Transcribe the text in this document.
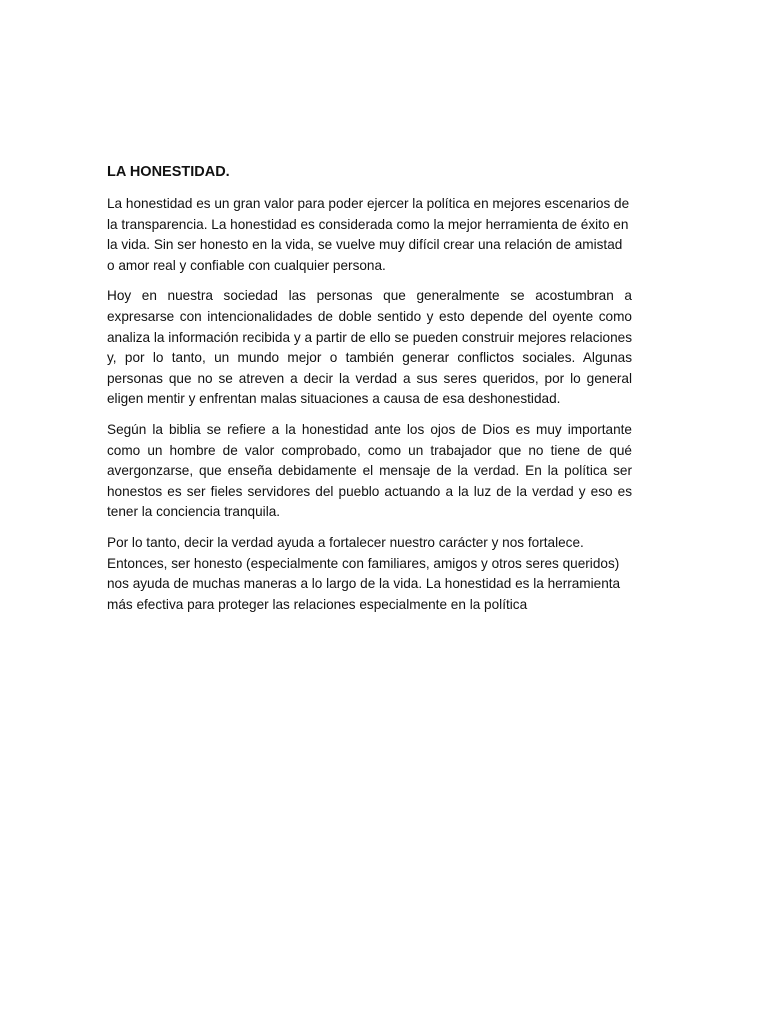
LA HONESTIDAD.

La honestidad es un gran valor para poder ejercer la política en mejores escenarios de la transparencia. La honestidad es considerada como la mejor herramienta de éxito en la vida. Sin ser honesto en la vida, se vuelve muy difícil crear una relación de amistad o amor real y confiable con cualquier persona.

Hoy en nuestra sociedad las personas que generalmente se acostumbran a expresarse con intencionalidades de doble sentido y esto depende del oyente como analiza la información recibida y a partir de ello se pueden construir mejores relaciones y, por lo tanto, un mundo mejor o también generar conflictos sociales. Algunas personas que no se atreven a decir la verdad a sus seres queridos, por lo general eligen mentir y enfrentan malas situaciones a causa de esa deshonestidad.

Según la biblia se refiere a la honestidad ante los ojos de Dios es muy importante como un hombre de valor comprobado, como un trabajador que no tiene de qué avergonzarse, que enseña debidamente el mensaje de la verdad. En la política ser honestos es ser fieles servidores del pueblo actuando a la luz de la verdad y eso es tener la conciencia tranquila.

Por lo tanto, decir la verdad ayuda a fortalecer nuestro carácter y nos fortalece. Entonces, ser honesto (especialmente con familiares, amigos y otros seres queridos) nos ayuda de muchas maneras a lo largo de la vida. La honestidad es la herramienta más efectiva para proteger las relaciones especialmente en la política
